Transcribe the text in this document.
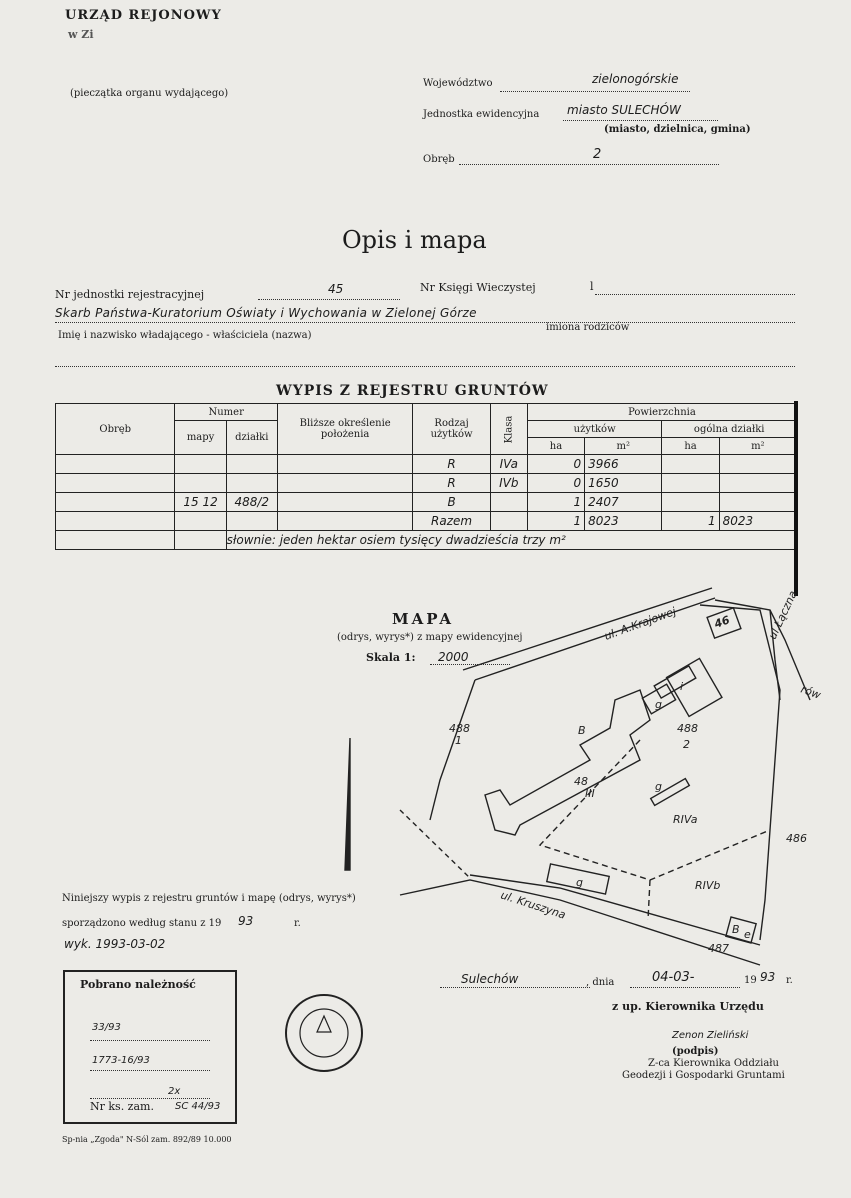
URZĄD REJONOWY
w Zi
(pieczątka organu wydającego)
Województwo	zielonogórskie
Jednostka ewidencyjna miasto SULECHÓW
(miasto, dzielnica, gmina)
Obręb	2
Opis i mapa
Nr jednostki rejestracyjnej	45	Nr Księgi Wieczystej	l
Skarb Państwa-Kuratorium Oświaty i Wychowania w Zielonej Górze
Imię i nazwisko władającego - właściciela (nazwa)
imiona rodziców
WYPIS Z REJESTRU GRUNTÓW
Obręb	Numer		Bliższe określenie położenia	Rodzaj użytków	Klasa	Powierzchnia			
	mapy	działki				użytków		ogólna działki	
						ha	m²	ha	m²
				R	IVa	0	3966		
				R	IVb	0	1650		
	15 12	488/2		B		1	2407		
				Razem		1	8023	1	8023
		słownie: jeden hektar osiem tysięcy dwadzieścia trzy m²							
MAPA
(odrys, wyrys*) z mapy ewidencyjnej
Skala 1: 2000
ul. A.Krajowej
ul. Kruszyna
ul.Łączna
rów
46
488
1
488
2
486
487
B
48
III
g
g
g
i
RIVa
RIVb
B e
Niniejszy wypis z rejestru gruntów i mapę (odrys, wyrys*)
sporządzono według stanu z 19 93	r.
wyk. 1993-03-02
Sulechów	, dnia	04-03-	19 93 r.
z up. Kierownika Urzędu
Zenon Zieliński
(podpis)
Z-ca Kierownika Oddziału
Geodezji i Gospodarki Gruntami
Pobrano należność
33/93
1773-16/93
2x
Nr ks. zam. SC 44/93
Sp-nia „Zgoda" N-Sól zam. 892/89 10.000
